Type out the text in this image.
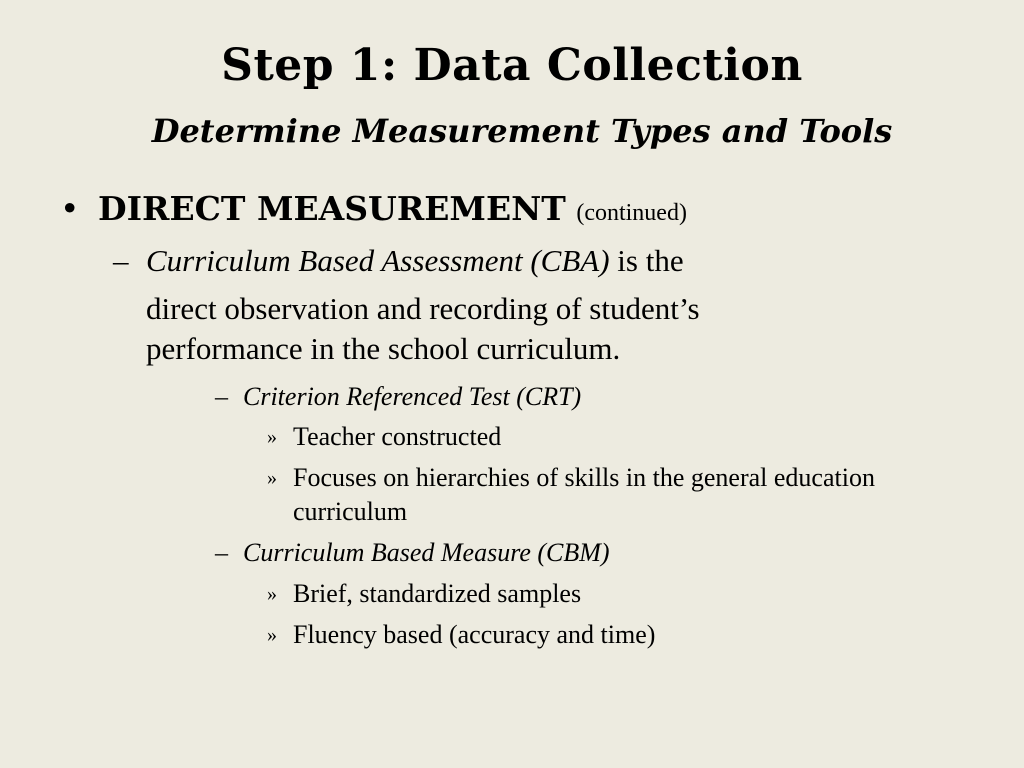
Step 1: Data Collection
Determine Measurement Types and Tools
• DIRECT MEASUREMENT (continued)
– Curriculum Based Assessment (CBA) is the
direct observation and recording of student’s
performance in the school curriculum.
– Criterion Referenced Test (CRT)
» Teacher constructed
» Focuses on hierarchies of skills in the general education curriculum
– Curriculum Based Measure (CBM)
» Brief, standardized samples
» Fluency based (accuracy and time)
